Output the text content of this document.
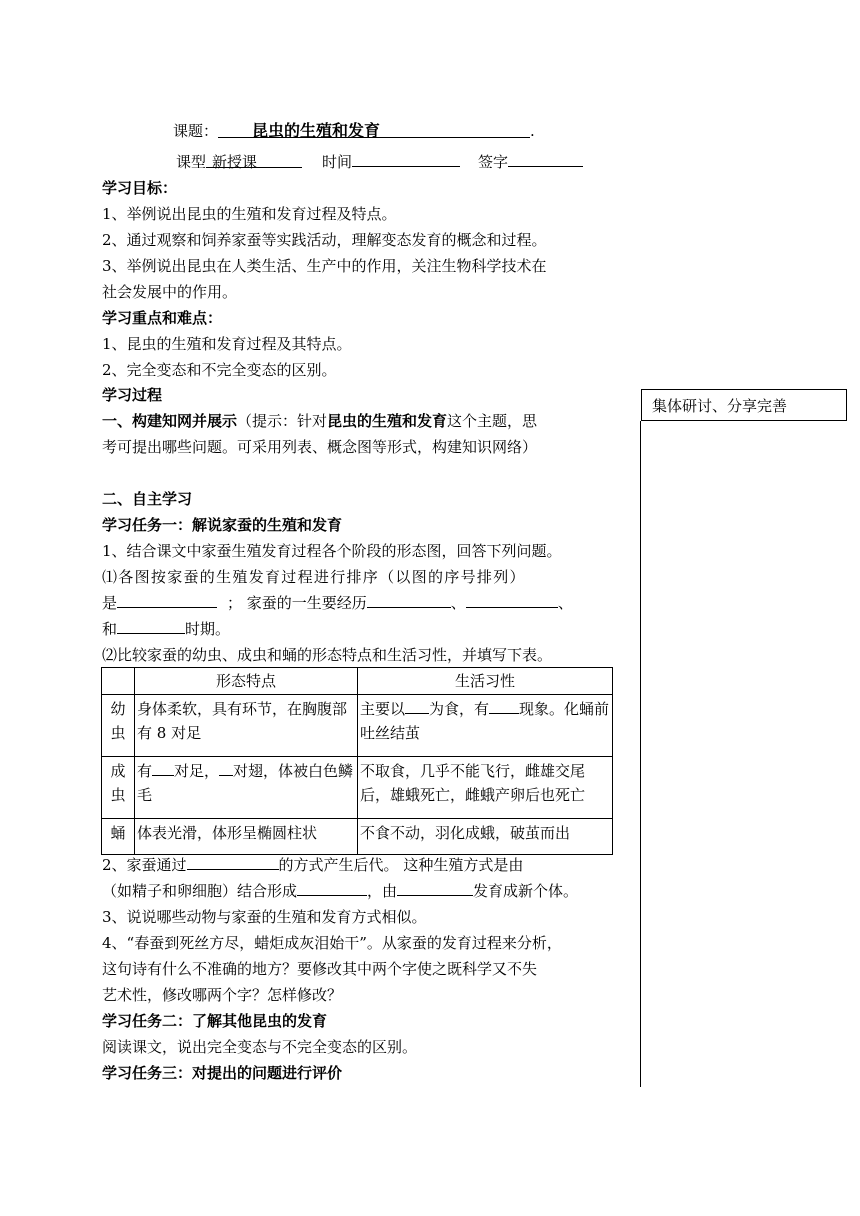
课题： 昆虫的生殖和发育	.
课型 新授课	时间	签字
学习目标：
1、举例说出昆虫的生殖和发育过程及特点。
2、通过观察和饲养家蚕等实践活动，理解变态发育的概念和过程。
3、举例说出昆虫在人类生活、生产中的作用，关注生物科学技术在
社会发展中的作用。
学习重点和难点：
1、昆虫的生殖和发育过程及其特点。
2、完全变态和不完全变态的区别。
学习过程
一、构建知网并展示（提示：针对昆虫的生殖和发育这个主题，思
考可提出哪些问题。可采用列表、概念图等形式，构建知识网络）
集体研讨、分享完善
二、自主学习
学习任务一：解说家蚕的生殖和发育
1、结合课文中家蚕生殖发育过程各个阶段的形态图，回答下列问题。
⑴各图按家蚕的生殖发育过程进行排序（以图的序号排列）
是	； 家蚕的一生要经历	、	、
和	时期。
⑵比较家蚕的幼虫、成虫和蛹的形态特点和生活习性，并填写下表。
	形态特点	生活习性
幼虫	身体柔软，具有环节，在胸腹部有 8 对足	主要以 为食，有 现象。化蛹前吐丝结茧
成虫	有 对足， 对翅，体被白色鳞毛	不取食，几乎不能飞行，雌雄交尾后，雄蛾死亡，雌蛾产卵后也死亡
蛹	体表光滑，体形呈椭圆柱状	不食不动，羽化成蛾，破茧而出
2、家蚕通过	的方式产生后代。 这种生殖方式是由
（如精子和卵细胞）结合形成	，由	发育成新个体。
3、说说哪些动物与家蚕的生殖和发育方式相似。
4、“春蚕到死丝方尽，蜡炬成灰泪始干”。从家蚕的发育过程来分析，
这句诗有什么不准确的地方？要修改其中两个字使之既科学又不失
艺术性，修改哪两个字？怎样修改？
学习任务二：了解其他昆虫的发育
阅读课文，说出完全变态与不完全变态的区别。
学习任务三：对提出的问题进行评价
